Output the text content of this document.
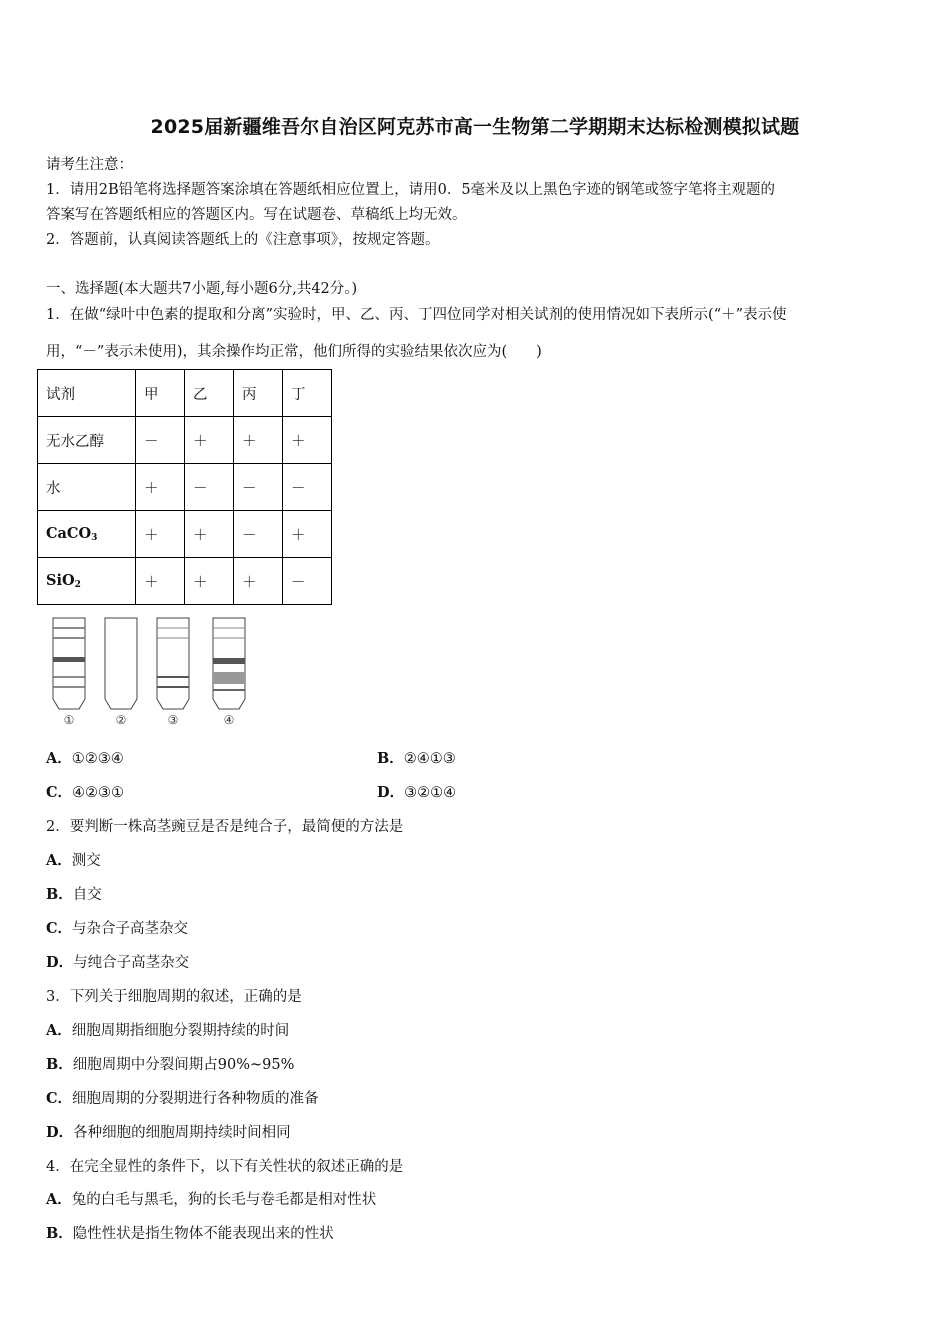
2025届新疆维吾尔自治区阿克苏市高一生物第二学期期末达标检测模拟试题
请考生注意：
1．请用2B铅笔将选择题答案涂填在答题纸相应位置上，请用0．5毫米及以上黑色字迹的钢笔或签字笔将主观题的
答案写在答题纸相应的答题区内。写在试题卷、草稿纸上均无效。
2．答题前，认真阅读答题纸上的《注意事项》，按规定答题。
一、选择题(本大题共7小题,每小题6分,共42分。)
1．在做“绿叶中色素的提取和分离”实验时，甲、乙、丙、丁四位同学对相关试剂的使用情况如下表所示(“＋”表示使
用，“－”表示未使用)，其余操作均正常，他们所得的实验结果依次应为(　　)
试剂	甲	乙	丙	丁
无水乙醇	－	＋	＋	＋
水	＋	－	－	－
CaCO$_3$	＋	＋	－	＋
SiO$_2$	＋	＋	＋	－
①	②	③	④
A．①②③④	B．②④①③
C．④②③①	D．③②①④
2．要判断一株高茎豌豆是否是纯合子，最简便的方法是
A．测交
B．自交
C．与杂合子高茎杂交
D．与纯合子高茎杂交
3．下列关于细胞周期的叙述，正确的是
A．细胞周期指细胞分裂期持续的时间
B．细胞周期中分裂间期占90%~95%
C．细胞周期的分裂期进行各种物质的准备
D．各种细胞的细胞周期持续时间相同
4．在完全显性的条件下，以下有关性状的叙述正确的是
A．兔的白毛与黑毛，狗的长毛与卷毛都是相对性状
B．隐性性状是指生物体不能表现出来的性状
